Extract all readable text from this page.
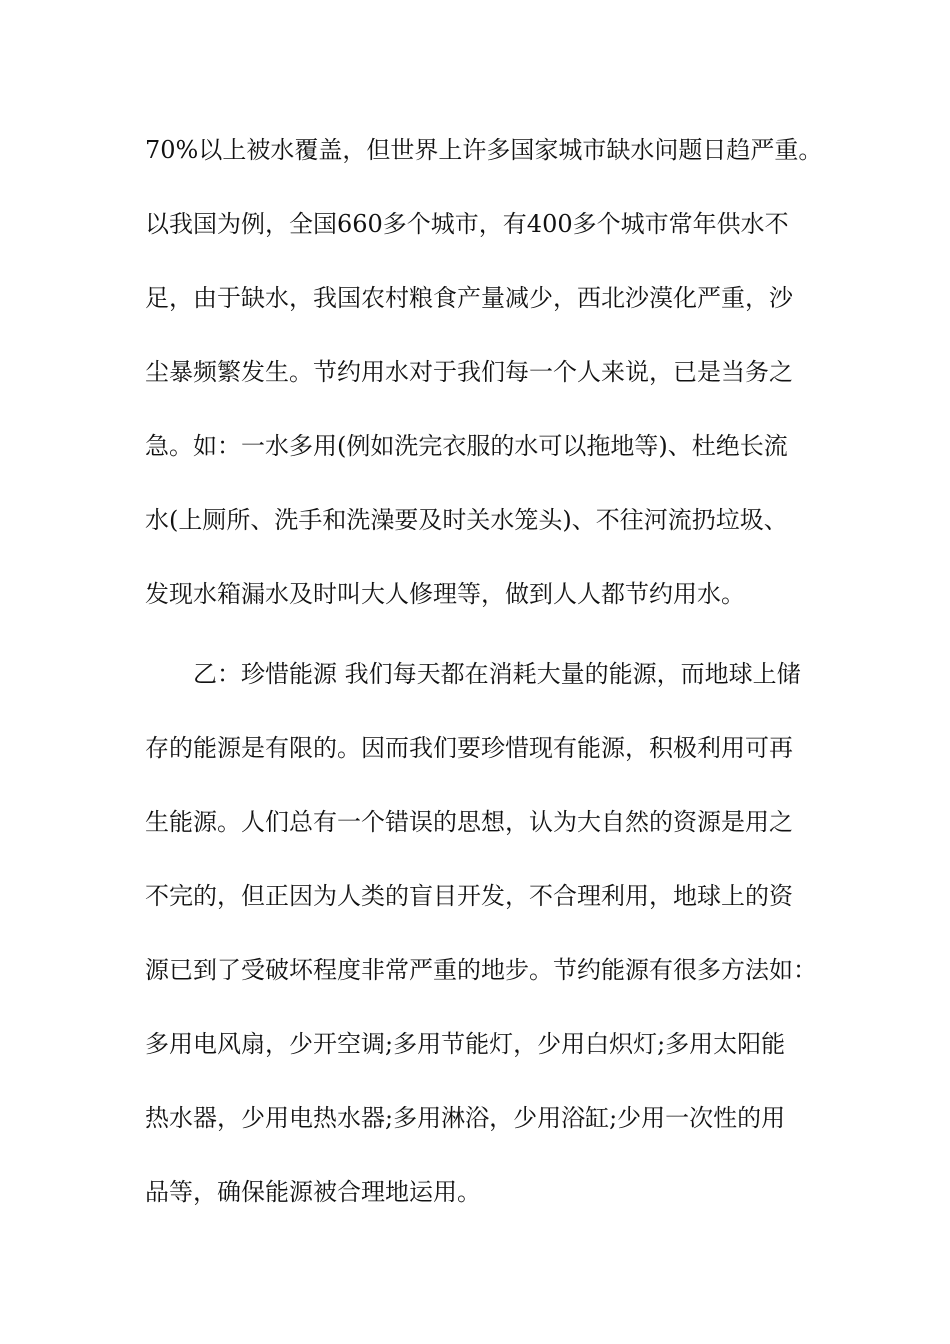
70%以上被水覆盖，但世界上许多国家城市缺水问题日趋严重。
以我国为例，全国660多个城市，有400多个城市常年供水不
足，由于缺水，我国农村粮食产量减少，西北沙漠化严重，沙
尘暴频繁发生。节约用水对于我们每一个人来说，已是当务之
急。如：一水多用(例如洗完衣服的水可以拖地等)、杜绝长流
水(上厕所、洗手和洗澡要及时关水笼头)、不往河流扔垃圾、
发现水箱漏水及时叫大人修理等，做到人人都节约用水。
乙：珍惜能源 我们每天都在消耗大量的能源，而地球上储
存的能源是有限的。因而我们要珍惜现有能源，积极利用可再
生能源。人们总有一个错误的思想，认为大自然的资源是用之
不完的，但正因为人类的盲目开发，不合理利用，地球上的资
源已到了受破坏程度非常严重的地步。节约能源有很多方法如：
多用电风扇，少开空调;多用节能灯，少用白炽灯;多用太阳能
热水器，少用电热水器;多用淋浴，少用浴缸;少用一次性的用
品等，确保能源被合理地运用。
